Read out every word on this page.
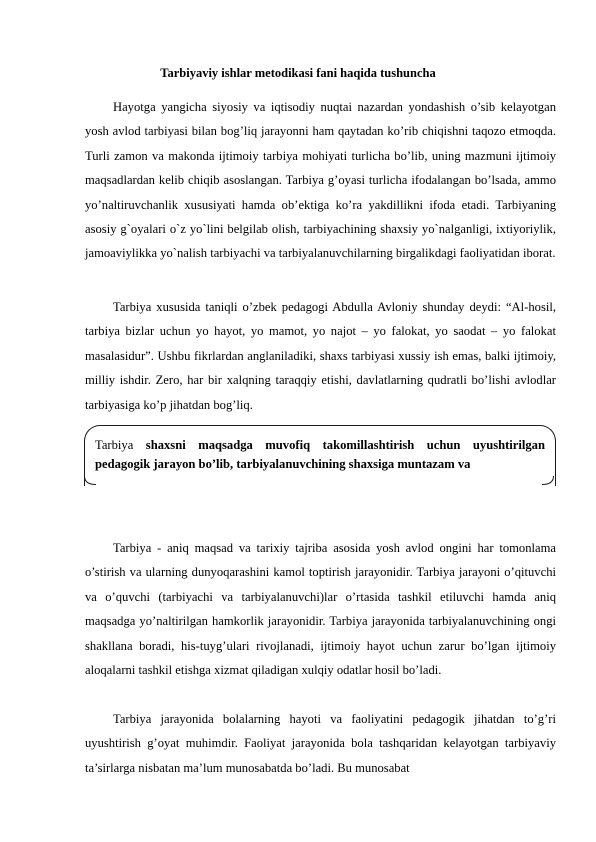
Tarbiyaviy ishlar metodikasi fani haqida tushuncha

Hayotga yangicha siyosiy va iqtisodiy nuqtai nazardan yondashish o’sib kelayotgan yosh avlod tarbiyasi bilan bog’liq jarayonni ham qaytadan ko’rib chiqishni taqozo etmoqda. Turli zamon va makonda ijtimoiy tarbiya mohiyati turlicha bo’lib, uning mazmuni ijtimoiy maqsadlardan kelib chiqib asoslangan. Tarbiya g’oyasi turlicha ifodalangan bo’lsada, ammo yo’naltiruvchanlik xususiyati hamda ob’ektiga ko’ra yakdillikni ifoda etadi. Tarbiyaning asosiy g`oyalari o`z yo`lini belgilab olish, tarbiyachining shaxsiy yo`nalganligi, ixtiyoriylik, jamoaviylikka yo`nalish tarbiyachi va tarbiyalanuvchilarning birgalikdagi faoliyatidan iborat.

Tarbiya xususida taniqli o’zbek pedagogi Abdulla Avloniy shunday deydi: “Al-hosil, tarbiya bizlar uchun yo hayot, yo mamot, yo najot – yo falokat, yo saodat – yo falokat masalasidur”. Ushbu fikrlardan anglaniladiki, shaxs tarbiyasi xussiy ish emas, balki ijtimoiy, milliy ishdir. Zero, har bir xalqning taraqqiy etishi, davlatlarning qudratli bo’lishi avlodlar tarbiyasiga ko’p jihatdan bog’liq.

Tarbiya shaxsni maqsadga muvofiq takomillashtirish uchun uyushtirilgan pedagogik jarayon bo’lib, tarbiyalanuvchining shaxsiga muntazam va

Tarbiya - aniq maqsad va tarixiy tajriba asosida yosh avlod ongini har tomonlama o’stirish va ularning dunyoqarashini kamol toptirish jarayonidir. Tarbiya jarayoni o’qituvchi va o’quvchi (tarbiyachi va tarbiyalanuvchi)lar o’rtasida tashkil etiluvchi hamda aniq maqsadga yo’naltirilgan hamkorlik jarayonidir. Tarbiya jarayonida tarbiyalanuvchining ongi shakllana boradi, his-tuyg’ulari rivojlanadi, ijtimoiy hayot uchun zarur bo’lgan ijtimoiy aloqalarni tashkil etishga xizmat qiladigan xulqiy odatlar hosil bo’ladi.

Tarbiya jarayonida bolalarning hayoti va faoliyatini pedagogik jihatdan to’g’ri uyushtirish g’oyat muhimdir. Faoliyat jarayonida bola tashqaridan kelayotgan tarbiyaviy ta’sirlarga nisbatan ma’lum munosabatda bo’ladi. Bu munosabat
